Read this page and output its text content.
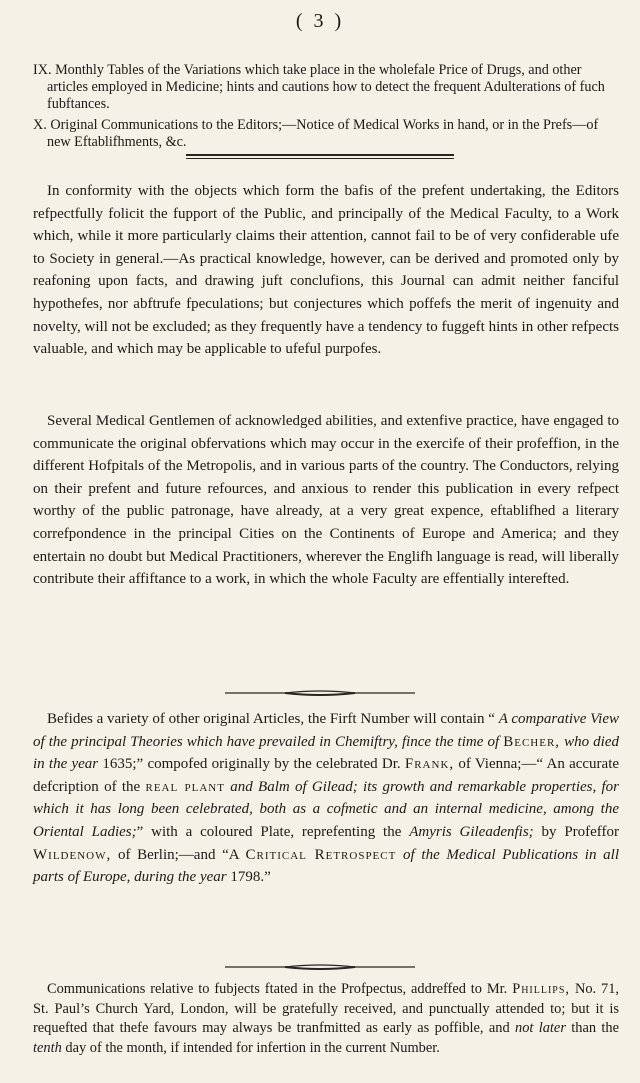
( 3 )
IX. Monthly Tables of the Variations which take place in the wholefale Price of Drugs, and other articles employed in Medicine; hints and cautions how to detect the frequent Adulterations of fuch fubftances.
X. Original Communications to the Editors;—Notice of Medical Works in hand, or in the Prefs—of new Eftablifhments, &c.

In conformity with the objects which form the bafis of the prefent undertaking, the Editors refpectfully folicit the fupport of the Public, and principally of the Medical Faculty, to a Work which, while it more particularly claims their attention, cannot fail to be of very confiderable ufe to Society in general.—As practical knowledge, however, can be derived and promoted only by reafoning upon facts, and drawing juft conclufions, this Journal can admit neither fanciful hypothefes, nor abftrufe fpeculations; but conjectures which poffefs the merit of ingenuity and novelty, will not be excluded; as they frequently have a tendency to fuggeft hints in other refpects valuable, and which may be applicable to ufeful purpofes.

Several Medical Gentlemen of acknowledged abilities, and extenfive practice, have engaged to communicate the original obfervations which may occur in the exercife of their profeffion, in the different Hofpitals of the Metropolis, and in various parts of the country. The Conductors, relying on their prefent and future refources, and anxious to render this publication in every refpect worthy of the public patronage, have already, at a very great expence, eftablifhed a literary correfpondence in the principal Cities on the Continents of Europe and America; and they entertain no doubt but Medical Practitioners, wherever the Englifh language is read, will liberally contribute their affiftance to a work, in which the whole Faculty are effentially interefted.

Befides a variety of other original Articles, the Firft Number will contain “ A comparative View of the principal Theories which have prevailed in Chemiftry, fince the time of Becher, who died in the year 1635;” compofed originally by the celebrated Dr. Frank, of Vienna;—“ An accurate defcription of the real plant and Balm of Gilead; its growth and remarkable properties, for which it has long been celebrated, both as a cofmetic and an internal medicine, among the Oriental Ladies;” with a coloured Plate, reprefenting the Amyris Gileadenfis; by Profeffor Wildenow, of Berlin;—and “A Critical Retrospect of the Medical Publications in all parts of Europe, during the year 1798.”

Communications relative to fubjects ftated in the Profpectus, addreffed to Mr. Phillips, No. 71, St. Paul’s Church Yard, London, will be gratefully received, and punctually attended to; but it is requefted that thefe favours may always be tranfmitted as early as poffible, and not later than the tenth day of the month, if intended for infertion in the current Number.
